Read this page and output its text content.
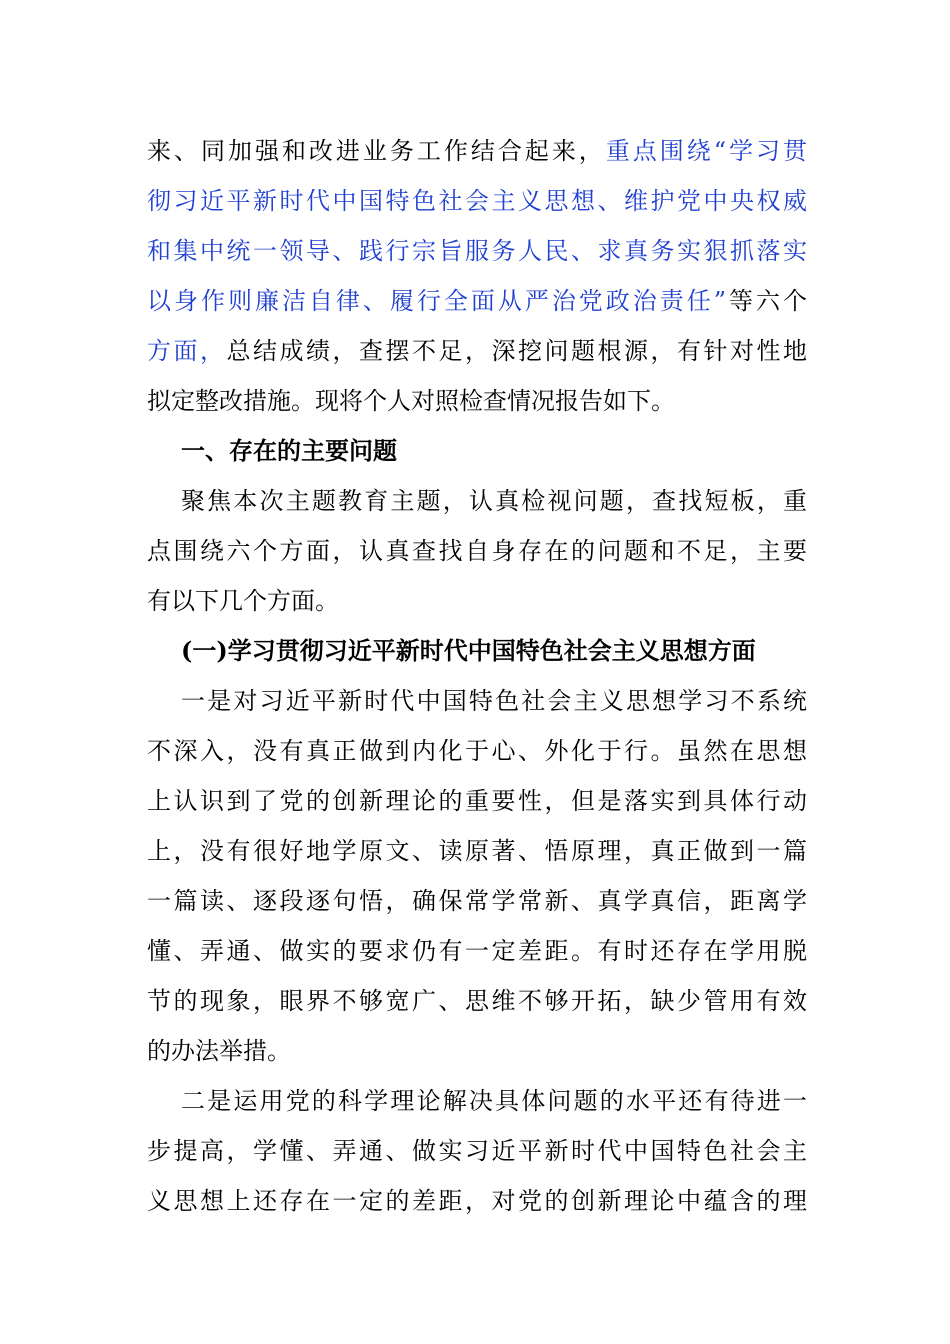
来、同加强和改进业务工作结合起来，重点围绕“学习贯
彻习近平新时代中国特色社会主义思想、维护党中央权威
和集中统一领导、践行宗旨服务人民、求真务实狠抓落实
以身作则廉洁自律、履行全面从严治党政治责任”等六个
方面，总结成绩，查摆不足，深挖问题根源，有针对性地
拟定整改措施。现将个人对照检查情况报告如下。
一、存在的主要问题
聚焦本次主题教育主题，认真检视问题，查找短板，重
点围绕六个方面，认真查找自身存在的问题和不足，主要
有以下几个方面。
(一)学习贯彻习近平新时代中国特色社会主义思想方面
一是对习近平新时代中国特色社会主义思想学习不系统
不深入，没有真正做到内化于心、外化于行。虽然在思想
上认识到了党的创新理论的重要性，但是落实到具体行动
上，没有很好地学原文、读原著、悟原理，真正做到一篇
一篇读、逐段逐句悟，确保常学常新、真学真信，距离学
懂、弄通、做实的要求仍有一定差距。有时还存在学用脱
节的现象，眼界不够宽广、思维不够开拓，缺少管用有效
的办法举措。
二是运用党的科学理论解决具体问题的水平还有待进一
步提高，学懂、弄通、做实习近平新时代中国特色社会主
义思想上还存在一定的差距，对党的创新理论中蕴含的理
